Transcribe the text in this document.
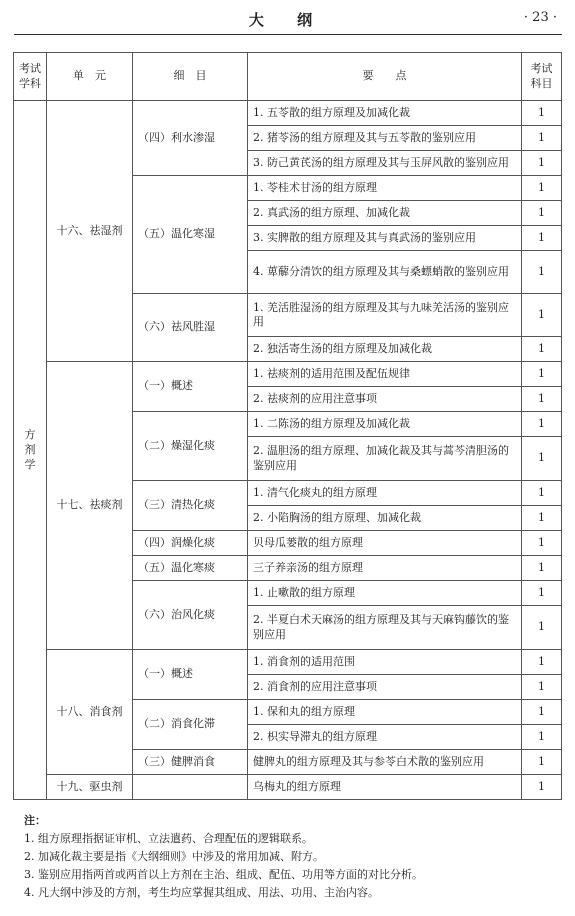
大 纲	· 23 ·
考试学科	单　元	细　目	要　　点	考试科目
方剂学	十六、祛湿剂	（四）利水渗湿	1. 五苓散的组方原理及加减化裁	1
			2. 猪苓汤的组方原理及其与五苓散的鉴别应用	1
			3. 防己黄芪汤的组方原理及其与玉屏风散的鉴别应用	1
		（五）温化寒湿	1. 苓桂术甘汤的组方原理	1
			2. 真武汤的组方原理、加减化裁	1
			3. 实脾散的组方原理及其与真武汤的鉴别应用	1
			4. 萆薢分清饮的组方原理及其与桑螵蛸散的鉴别应用	1
		（六）祛风胜湿	1. 羌活胜湿汤的组方原理及其与九味羌活汤的鉴别应用	1
			2. 独活寄生汤的组方原理及加减化裁	1
	十七、祛痰剂	（一）概述	1. 祛痰剂的适用范围及配伍规律	1
			2. 祛痰剂的应用注意事项	1
		（二）燥湿化痰	1. 二陈汤的组方原理及加减化裁	1
			2. 温胆汤的组方原理、加减化裁及其与蒿芩清胆汤的鉴别应用	1
		（三）清热化痰	1. 清气化痰丸的组方原理	1
			2. 小陷胸汤的组方原理、加减化裁	1
		（四）润燥化痰	贝母瓜蒌散的组方原理	1
		（五）温化寒痰	三子养亲汤的组方原理	1
		（六）治风化痰	1. 止嗽散的组方原理	1
			2. 半夏白术天麻汤的组方原理及其与天麻钩藤饮的鉴别应用	1
	十八、消食剂	（一）概述	1. 消食剂的适用范围	1
			2. 消食剂的应用注意事项	1
		（二）消食化滞	1. 保和丸的组方原理	1
			2. 枳实导滞丸的组方原理	1
		（三）健脾消食	健脾丸的组方原理及其与参苓白术散的鉴别应用	1
	十九、驱虫剂		乌梅丸的组方原理	1
注：
1. 组方原理指据证审机、立法遣药、合理配伍的逻辑联系。
2. 加减化裁主要是指《大纲细则》中涉及的常用加减、附方。
3. 鉴别应用指两首或两首以上方剂在主治、组成、配伍、功用等方面的对比分析。
4. 凡大纲中涉及的方剂，考生均应掌握其组成、用法、功用、主治内容。
